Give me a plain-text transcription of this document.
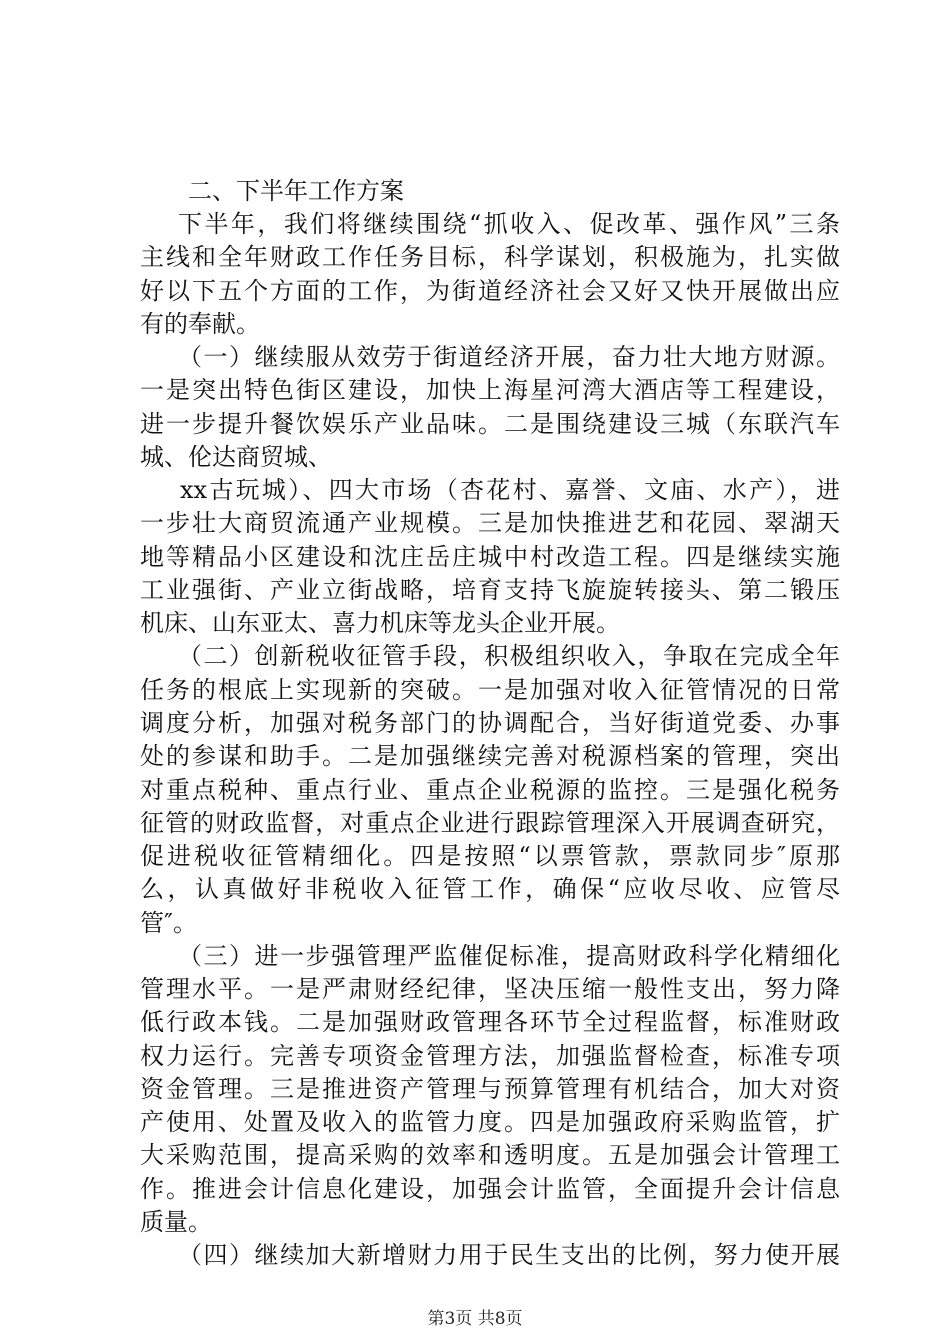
二、下半年工作方案
下半年，我们将继续围绕“抓收入、促改革、强作风”三条
主线和全年财政工作任务目标，科学谋划，积极施为，扎实做
好以下五个方面的工作，为街道经济社会又好又快开展做出应
有的奉献。
（一）继续服从效劳于街道经济开展，奋力壮大地方财源。
一是突出特色街区建设，加快上海星河湾大酒店等工程建设，
进一步提升餐饮娱乐产业品味。二是围绕建设三城（东联汽车
城、伦达商贸城、
xx古玩城）、四大市场（杏花村、嘉誉、文庙、水产），进
一步壮大商贸流通产业规模。三是加快推进艺和花园、翠湖天
地等精品小区建设和沈庄岳庄城中村改造工程。四是继续实施
工业强街、产业立街战略，培育支持飞旋旋转接头、第二锻压
机床、山东亚太、喜力机床等龙头企业开展。
（二）创新税收征管手段，积极组织收入，争取在完成全年
任务的根底上实现新的突破。一是加强对收入征管情况的日常
调度分析，加强对税务部门的协调配合，当好街道党委、办事
处的参谋和助手。二是加强继续完善对税源档案的管理，突出
对重点税种、重点行业、重点企业税源的监控。三是强化税务
征管的财政监督，对重点企业进行跟踪管理深入开展调查研究，
促进税收征管精细化。四是按照“以票管款，票款同步″原那
么，认真做好非税收入征管工作，确保“应收尽收、应管尽
管″。
（三）进一步强管理严监催促标准，提高财政科学化精细化
管理水平。一是严肃财经纪律，坚决压缩一般性支出，努力降
低行政本钱。二是加强财政管理各环节全过程监督，标准财政
权力运行。完善专项资金管理方法，加强监督检查，标准专项
资金管理。三是推进资产管理与预算管理有机结合，加大对资
产使用、处置及收入的监管力度。四是加强政府采购监管，扩
大采购范围，提高采购的效率和透明度。五是加强会计管理工
作。推进会计信息化建设，加强会计监管，全面提升会计信息
质量。
（四）继续加大新增财力用于民生支出的比例，努力使开展
第3页 共8页
